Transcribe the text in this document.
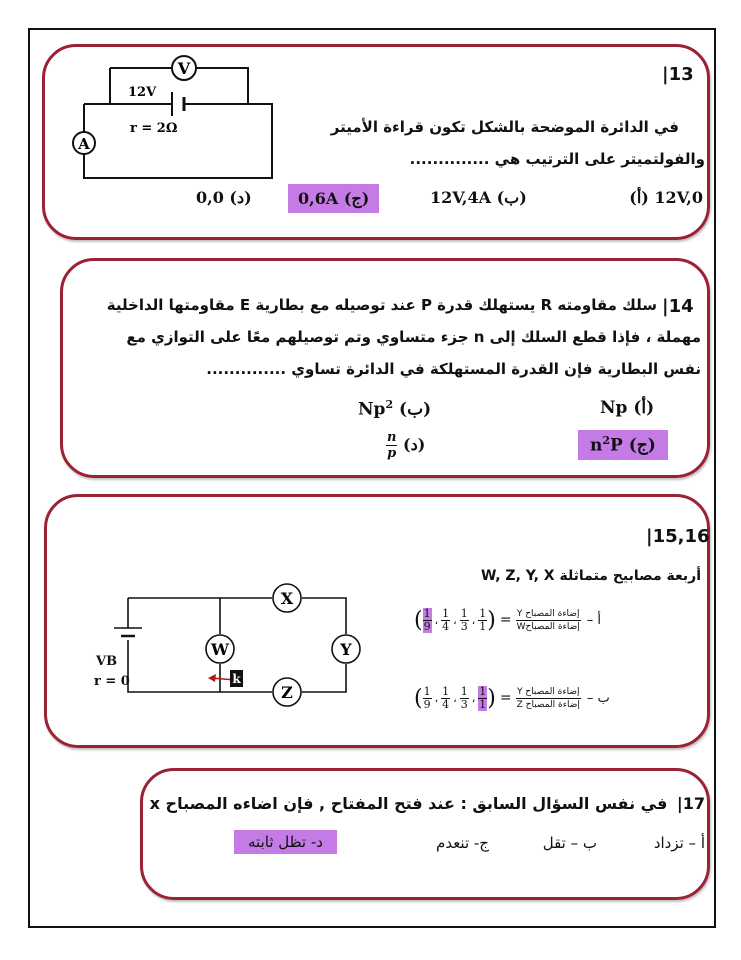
|13
في الدائرة الموضحة بالشكل تكون قراءة الأميتر
والفولتميتر على الترتيب هي ..............
V
A
12V
r = 2Ω
12V,0 (أ)
12V,4A (ب)
0,6A (ج)
0,0 (د)
|14
سلك مقاومته R يستهلك قدرة P عند توصيله مع بطارية E مقاومتها الداخلية
مهملة ، فإذا قطع السلك إلى n جزء متساوي وتم توصيلهم معًا على التوازي مع
نفس البطارية فإن القدرة المستهلكة في الدائرة تساوي ..............
Np (أ)
Np$^2$ (ب)
$n^2P$ (ج)
$\frac{n}{p}$ (د)
|15,16
أربعة مصابيح متماثلة W, Z, Y, X
X
Y
W
Z
k
VB
r = 0
( $\frac{1}{9}$ ، $\frac{1}{4}$ ، $\frac{1}{3}$ ، $\frac{1}{1}$ ) = $\frac{\text{إضاءة المصباح Y}}{\text{إضاءة المصباحW}}$ أ –
( $\frac{1}{9}$ ، $\frac{1}{4}$ ، $\frac{1}{3}$ ، $\frac{1}{1}$ ) = $\frac{\text{إضاءة المصباح Y}}{\text{إضاءة المصباح Z}}$ ب –
|17 في نفس السؤال السابق : عند فتح المفتاح , فإن اضاءه المصباح x
أ – تزداد
ب – تقل
ج- تنعدم
د- تظل ثابته
